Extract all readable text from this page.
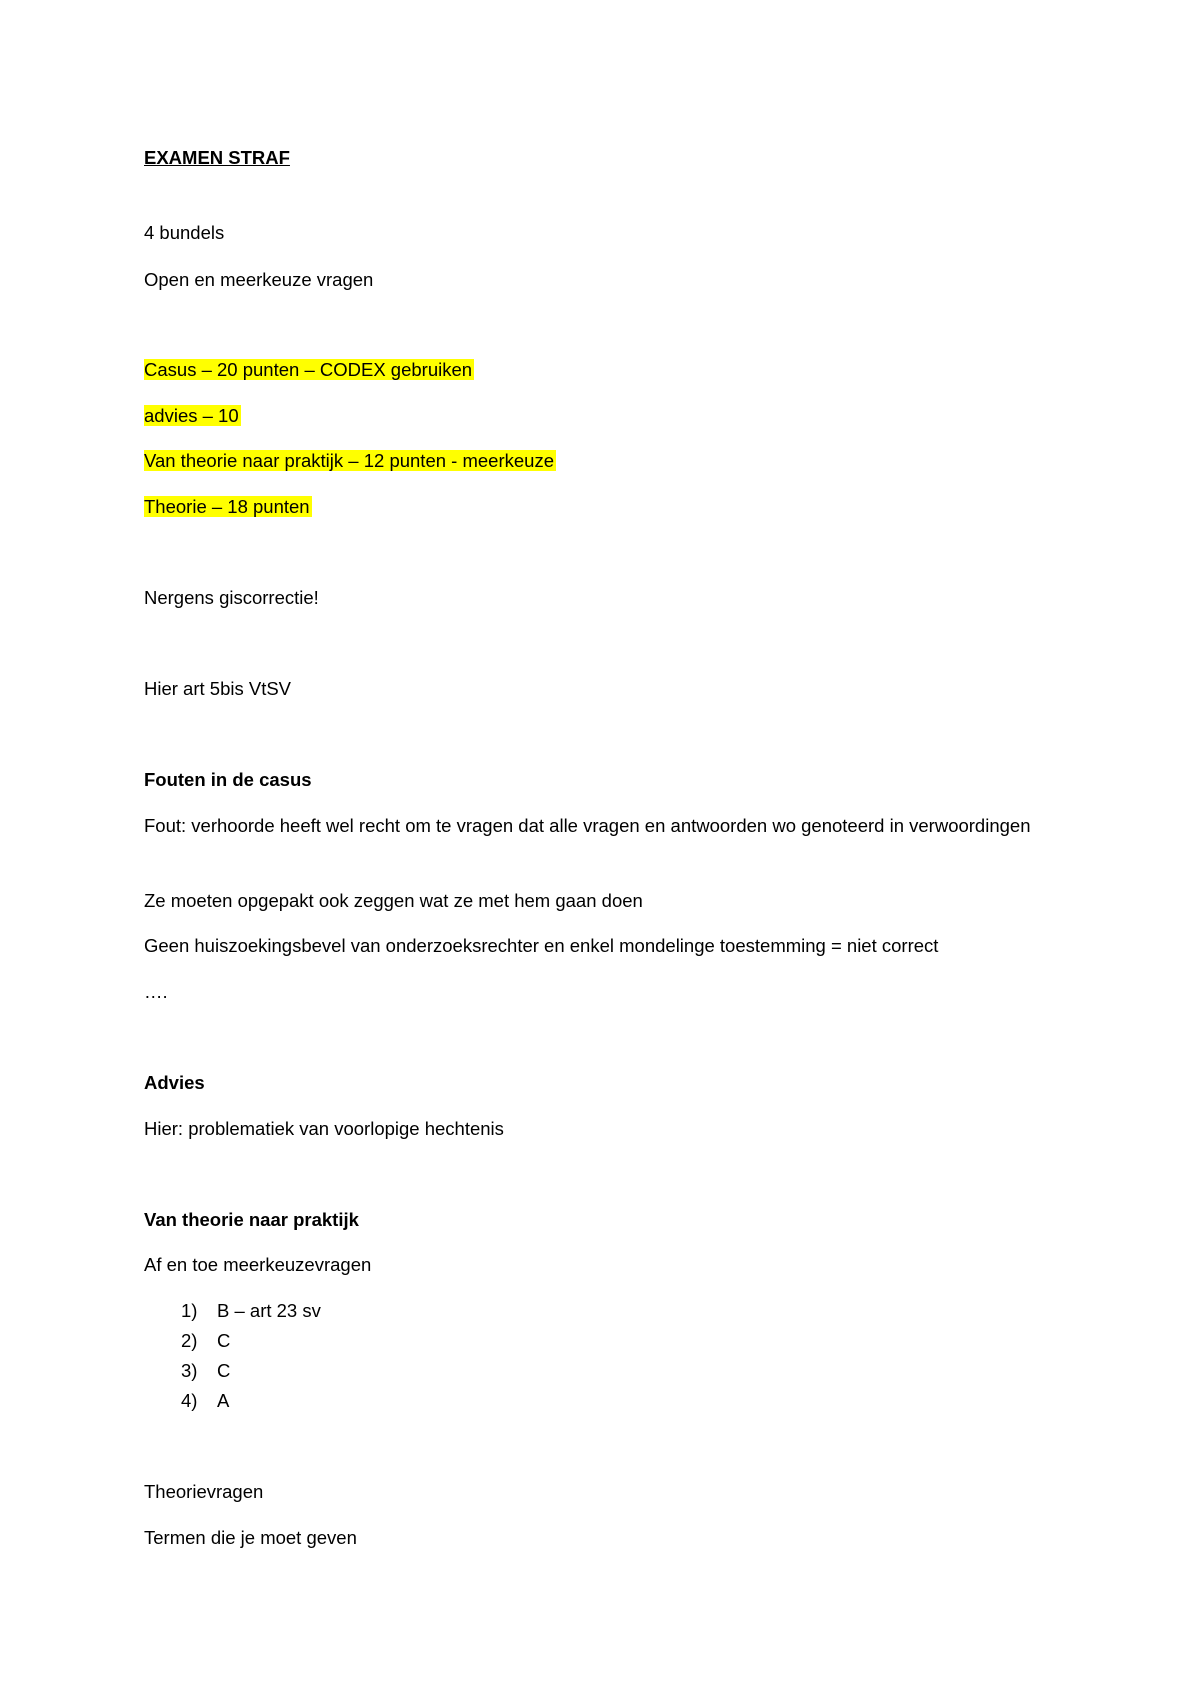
EXAMEN STRAF

4 bundels

Open en meerkeuze vragen

Casus – 20 punten – CODEX gebruiken

advies – 10

Van theorie naar praktijk – 12 punten - meerkeuze

Theorie – 18 punten

Nergens giscorrectie!

Hier art 5bis VtSV

Fouten in de casus

Fout: verhoorde heeft wel recht om te vragen dat alle vragen en antwoorden wo genoteerd in verwoordingen

Ze moeten opgepakt ook zeggen wat ze met hem gaan doen

Geen huiszoekingsbevel van onderzoeksrechter en enkel mondelinge toestemming = niet correct

….

Advies

Hier: problematiek van voorlopige hechtenis

Van theorie naar praktijk

Af en toe meerkeuzevragen

1) B – art 23 sv
2) C
3) C
4) A

Theorievragen

Termen die je moet geven
